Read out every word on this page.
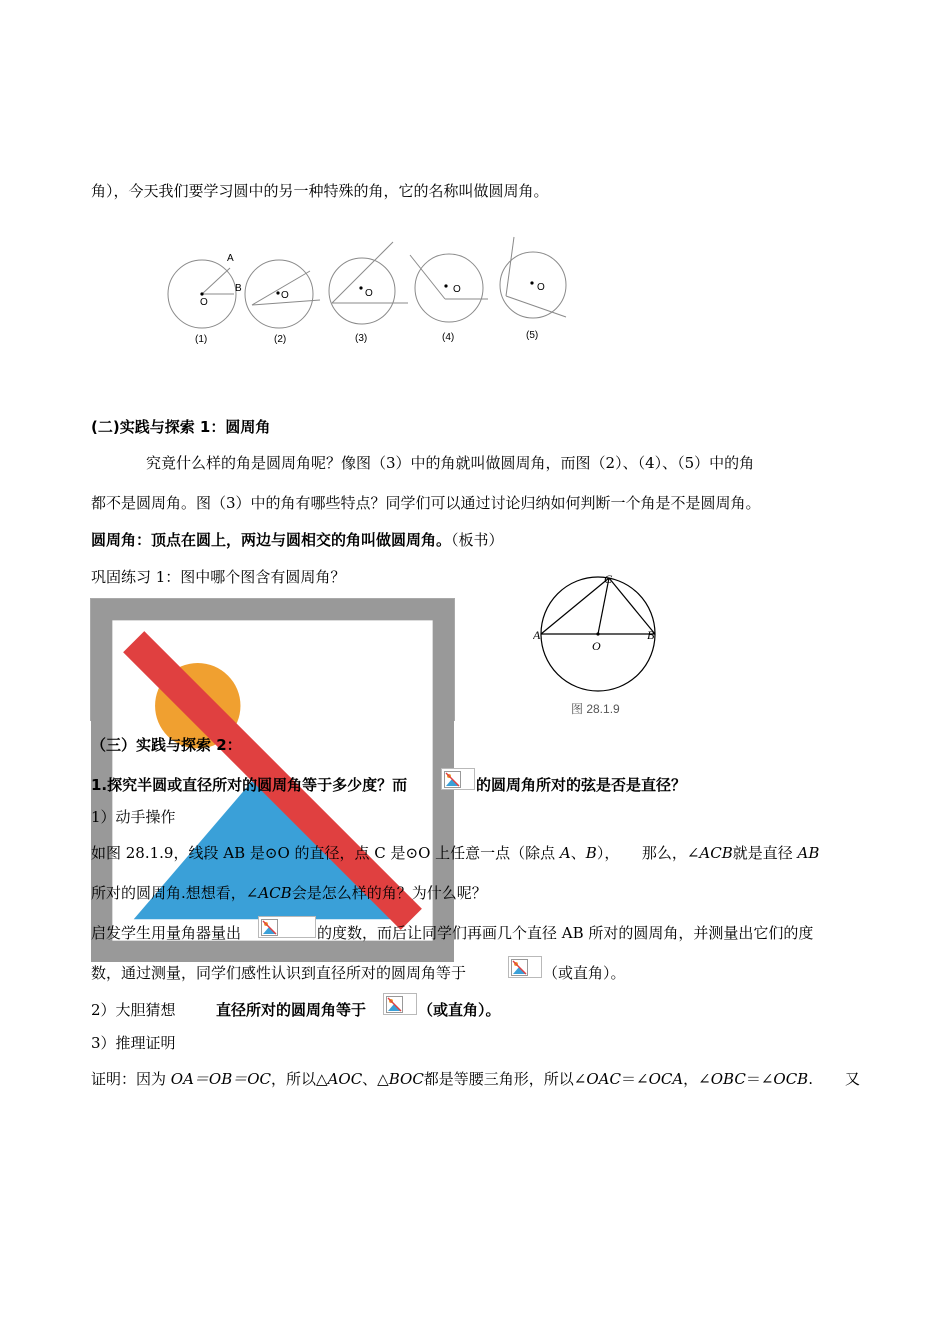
角），今天我们要学习圆中的另一种特殊的角，它的名称叫做圆周角。
A
B
O
O	O	O	O
(1)	(2)	(3)	(4)	(5)
(二)实践与探索 1：圆周角
究竟什么样的角是圆周角呢？像图（3）中的角就叫做圆周角，而图（2）、（4）、（5）中的角
都不是圆周角。图（3）中的角有哪些特点？同学们可以通过讨论归纳如何判断一个角是不是圆周角。
圆周角：顶点在圆上，两边与圆相交的角叫做圆周角。（板书）
巩固练习 1：图中哪个图含有圆周角？	C
A	B
O
图 28.1.9
（三）实践与探索 2：
1.探究半圆或直径所对的圆周角等于多少度？而	的圆周角所对的弦是否是直径？
1）动手操作
如图 28.1.9，线段 AB 是⊙O 的直径，点 C 是⊙O 上任意一点（除点 A、B），　　那么，∠ACB就是直径 AB
所对的圆周角.想想看，∠ACB会是怎么样的角？为什么呢？
启发学生用量角器量出	的度数，而后让同学们再画几个直径 AB 所对的圆周角，并测量出它们的度
数，通过测量，同学们感性认识到直径所对的圆周角等于	（或直角）。
2）大胆猜想	直径所对的圆周角等于	（或直角）。
3）推理证明
证明：因为 OA＝OB＝OC，所以△AOC、△BOC都是等腰三角形，所以∠OAC＝∠OCA，∠OBC＝∠OCB. 又
